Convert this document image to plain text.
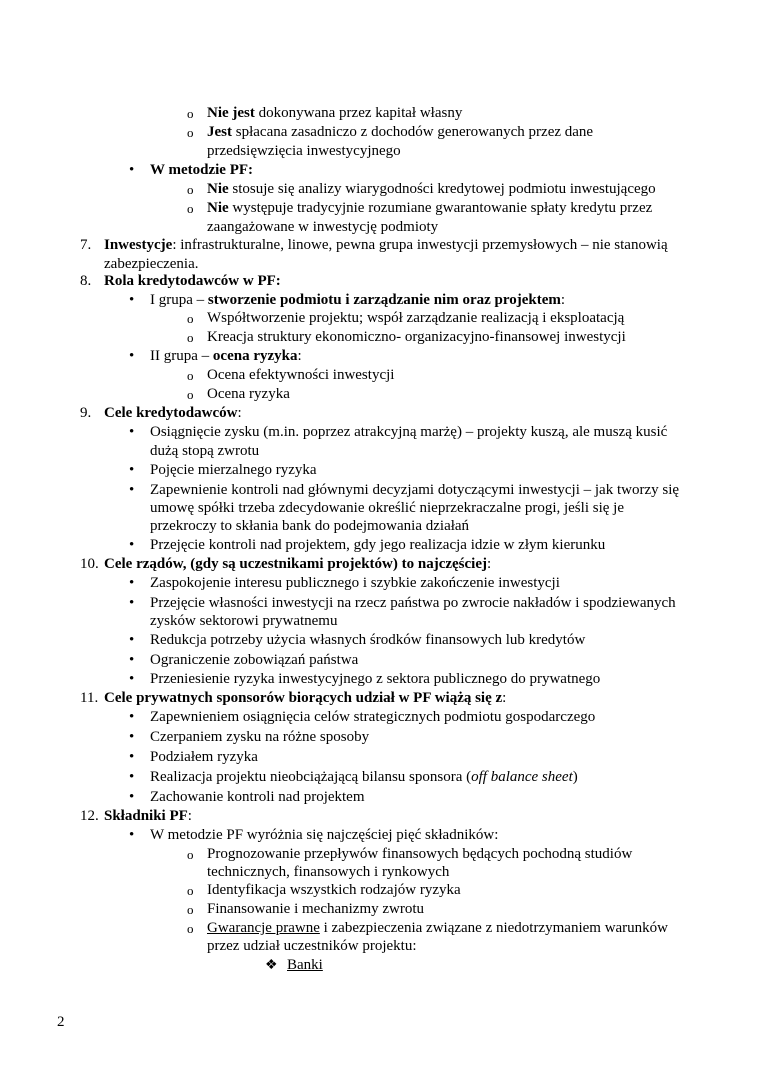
o Nie jest dokonywana przez kapitał własny
o Jest spłacana zasadniczo z dochodów generowanych przez dane
przedsięwzięcia inwestycyjnego
• W metodzie PF:
o Nie stosuje się analizy wiarygodności kredytowej podmiotu inwestującego
o Nie występuje tradycyjnie rozumiane gwarantowanie spłaty kredytu przez
zaangażowane w inwestycję podmioty
7. Inwestycje: infrastrukturalne, linowe, pewna grupa inwestycji przemysłowych – nie stanowią
zabezpieczenia.
8. Rola kredytodawców w PF:
• I grupa – stworzenie podmiotu i zarządzanie nim oraz projektem:
o Współtworzenie projektu; współ zarządzanie realizacją i eksploatacją
o Kreacja struktury ekonomiczno- organizacyjno-finansowej inwestycji
• II grupa – ocena ryzyka:
o Ocena efektywności inwestycji
o Ocena ryzyka
9. Cele kredytodawców:
• Osiągnięcie zysku (m.in. poprzez atrakcyjną marżę) – projekty kuszą, ale muszą kusić
dużą stopą zwrotu
• Pojęcie mierzalnego ryzyka
• Zapewnienie kontroli nad głównymi decyzjami dotyczącymi inwestycji – jak tworzy się
umowę spółki trzeba zdecydowanie określić nieprzekraczalne progi, jeśli się je
przekroczy to skłania bank do podejmowania działań
• Przejęcie kontroli nad projektem, gdy jego realizacja idzie w złym kierunku
10. Cele rządów, (gdy są uczestnikami projektów) to najczęściej:
• Zaspokojenie interesu publicznego i szybkie zakończenie inwestycji
• Przejęcie własności inwestycji na rzecz państwa po zwrocie nakładów i spodziewanych
zysków sektorowi prywatnemu
• Redukcja potrzeby użycia własnych środków finansowych lub kredytów
• Ograniczenie zobowiązań państwa
• Przeniesienie ryzyka inwestycyjnego z sektora publicznego do prywatnego
11. Cele prywatnych sponsorów biorących udział w PF wiążą się z:
• Zapewnieniem osiągnięcia celów strategicznych podmiotu gospodarczego
• Czerpaniem zysku na różne sposoby
• Podziałem ryzyka
• Realizacja projektu nieobciążającą bilansu sponsora (off balance sheet)
• Zachowanie kontroli nad projektem
12. Składniki PF:
• W metodzie PF wyróżnia się najczęściej pięć składników:
o Prognozowanie przepływów finansowych będących pochodną studiów
technicznych, finansowych i rynkowych
o Identyfikacja wszystkich rodzajów ryzyka
o Finansowanie i mechanizmy zwrotu
o Gwarancje prawne i zabezpieczenia związane z niedotrzymaniem warunków
przez udział uczestników projektu:
❖ Banki
2
